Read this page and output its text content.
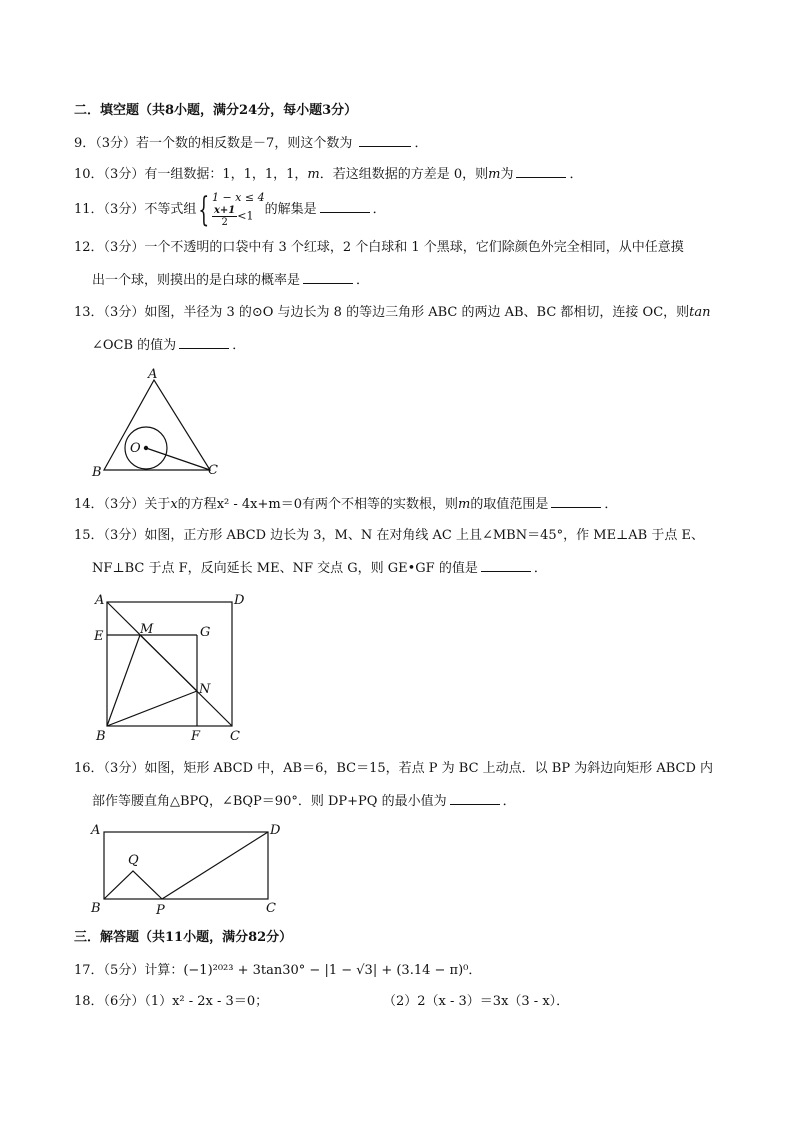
二．填空题（共8小题，满分24分，每小题3分）
9．（3分）若一个数的相反数是－7，则这个数为	．
10．（3分）有一组数据：1，1，1，1，m．若这组数据的方差是 0，则m为	．
11．（3分）不等式组{ 1 − x ≤ 4
$\frac{x+1}{2} <1$ 的解集是	．
12．（3分）一个不透明的口袋中有 3 个红球，2 个白球和 1 个黑球，它们除颜色外完全相同，从中任意摸
出一个球，则摸出的是白球的概率是	．
13．（3分）如图，半径为 3 的⊙O 与边长为 8 的等边三角形 ABC 的两边 AB、BC 都相切，连接 OC，则tan
∠OCB 的值为	．
A
B	C
O
14．（3分）关于x的方程x² - 4x+m＝0有两个不相等的实数根，则m的取值范围是	．
15．（3分）如图，正方形 ABCD 边长为 3，M、N 在对角线 AC 上且∠MBN＝45°，作 ME⊥AB 于点 E、
NF⊥BC 于点 F，反向延长 ME、NF 交点 G，则 GE•GF 的值是	．
A	D
E	M	G
N
B	F C
16．（3分）如图，矩形 ABCD 中，AB＝6，BC＝15，若点 P 为 BC 上动点．以 BP 为斜边向矩形 ABCD 内
部作等腰直角△BPQ，∠BQP＝90°．则 DP+PQ 的最小值为	．
A	D
Q
B	P	C
三．解答题（共11小题，满分82分）
17．（5分）计算：(−1)²⁰²³ + 3tan30° − |1 − √3| + (3.14 − π)⁰．
18．（6分）（1）x² - 2x - 3＝0；	（2）2（x - 3）＝3x（3 - x）．
